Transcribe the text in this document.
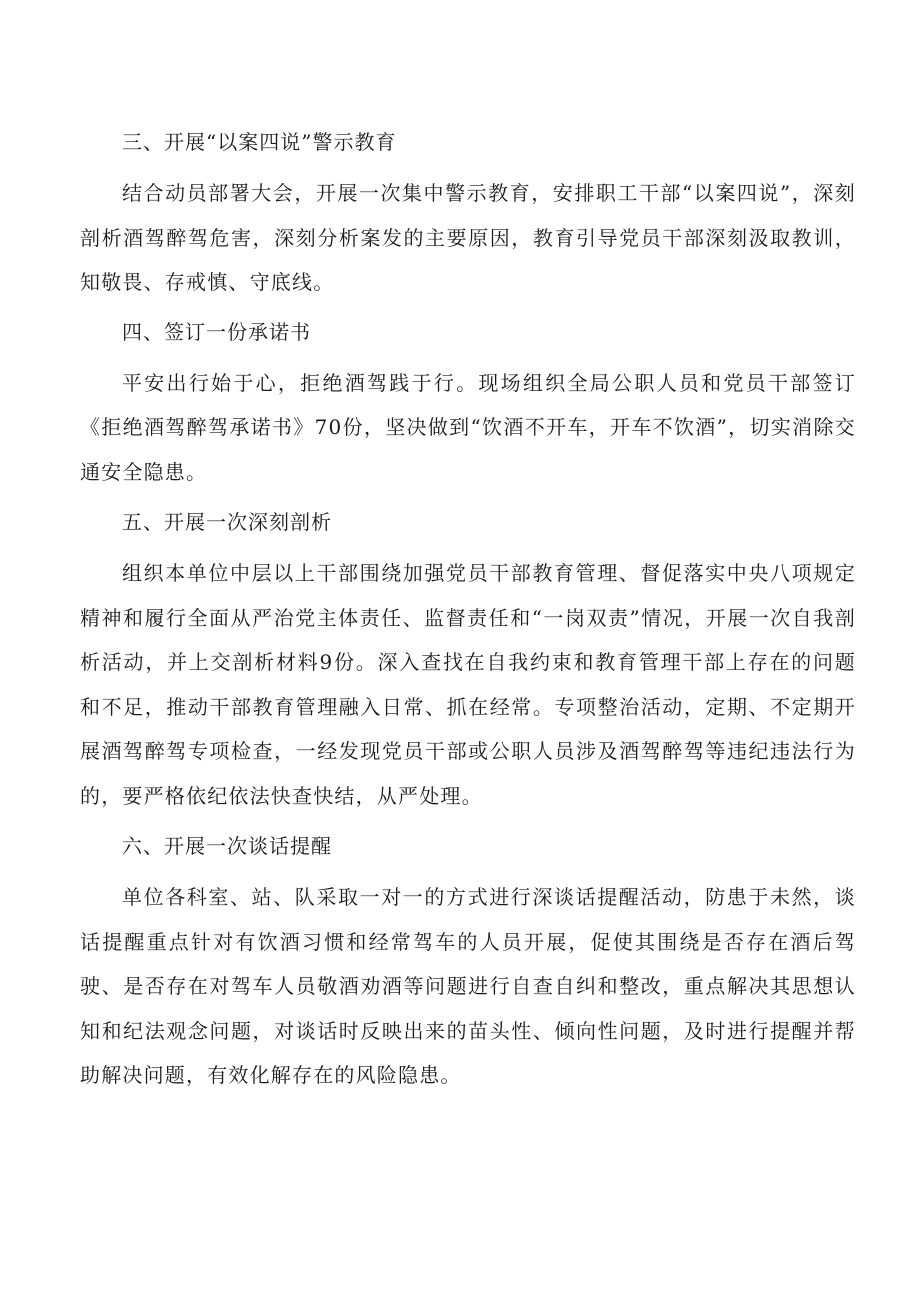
三、开展“以案四说”警示教育

结合动员部署大会，开展一次集中警示教育，安排职工干部“以案四说”，深刻剖析酒驾醉驾危害，深刻分析案发的主要原因，教育引导党员干部深刻汲取教训，知敬畏、存戒慎、守底线。

四、签订一份承诺书

平安出行始于心，拒绝酒驾践于行。现场组织全局公职人员和党员干部签订《拒绝酒驾醉驾承诺书》70份，坚决做到“饮酒不开车，开车不饮酒”，切实消除交通安全隐患。

五、开展一次深刻剖析

组织本单位中层以上干部围绕加强党员干部教育管理、督促落实中央八项规定精神和履行全面从严治党主体责任、监督责任和“一岗双责”情况，开展一次自我剖析活动，并上交剖析材料9份。深入查找在自我约束和教育管理干部上存在的问题和不足，推动干部教育管理融入日常、抓在经常。专项整治活动，定期、不定期开展酒驾醉驾专项检查，一经发现党员干部或公职人员涉及酒驾醉驾等违纪违法行为的，要严格依纪依法快查快结，从严处理。

六、开展一次谈话提醒

单位各科室、站、队采取一对一的方式进行深谈话提醒活动，防患于未然，谈话提醒重点针对有饮酒习惯和经常驾车的人员开展，促使其围绕是否存在酒后驾驶、是否存在对驾车人员敬酒劝酒等问题进行自查自纠和整改，重点解决其思想认知和纪法观念问题，对谈话时反映出来的苗头性、倾向性问题，及时进行提醒并帮助解决问题，有效化解存在的风险隐患。
